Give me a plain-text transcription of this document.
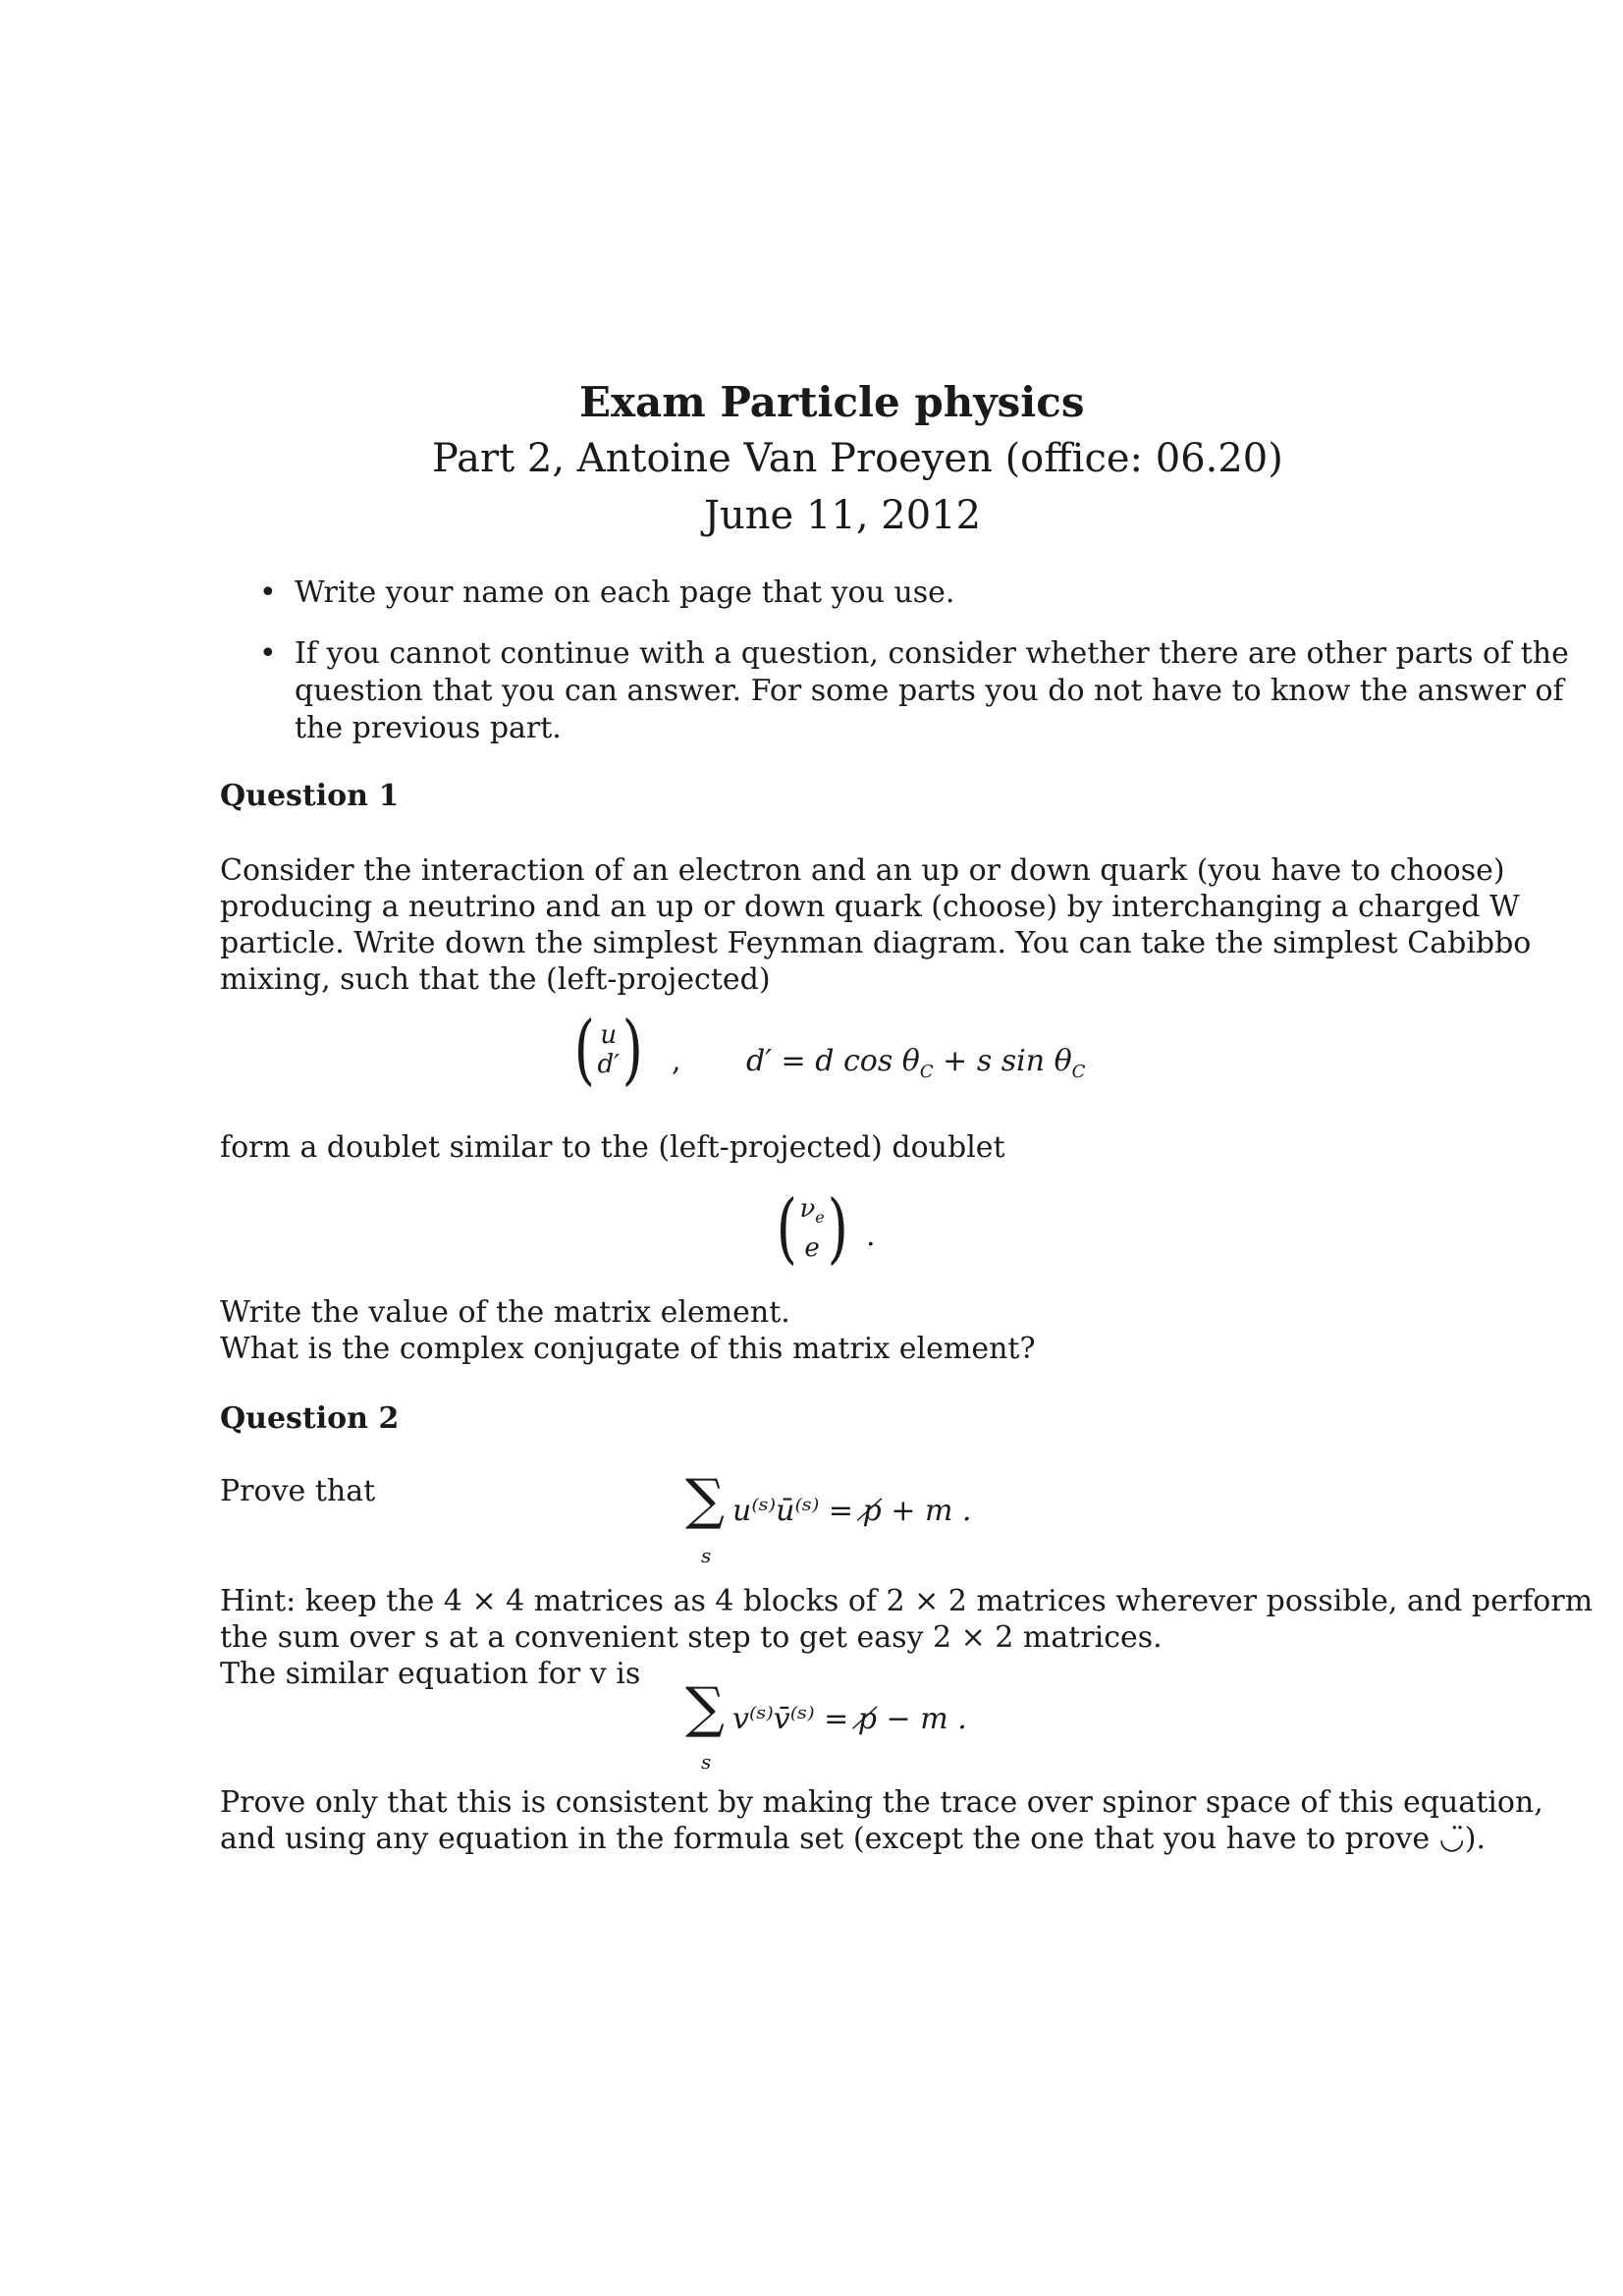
Exam Particle physics
Part 2, Antoine Van Proeyen (office: 06.20)
June 11, 2012
• Write your name on each page that you use.
• If you cannot continue with a question, consider whether there are other parts of the
question that you can answer. For some parts you do not have to know the answer of
the previous part.
Question 1
Consider the interaction of an electron and an up or down quark (you have to choose)
producing a neutrino and an up or down quark (choose) by interchanging a charged W
particle. Write down the simplest Feynman diagram. You can take the simplest Cabibbo
mixing, such that the (left-projected)
( u
d′ ) , d′ = d $\cos \theta_C + s$ $\sin \theta_C$
form a doublet similar to the (left-projected) doublet
( $\nu_e$
e ) .
Write the value of the matrix element.
What is the complex conjugate of this matrix element?
Question 2
Prove that	∑ u⁽ˢ⁾ū⁽ˢ⁾ = p̸ + m .
s
Hint: keep the 4 × 4 matrices as 4 blocks of 2 × 2 matrices wherever possible, and perform
the sum over s at a convenient step to get easy 2 × 2 matrices.
The similar equation for v is
∑ v⁽ˢ⁾v̄⁽ˢ⁾ = p̸ − m .
s
Prove only that this is consistent by making the trace over spinor space of this equation,
and using any equation in the formula set (except the one that you have to prove ◡̈).
